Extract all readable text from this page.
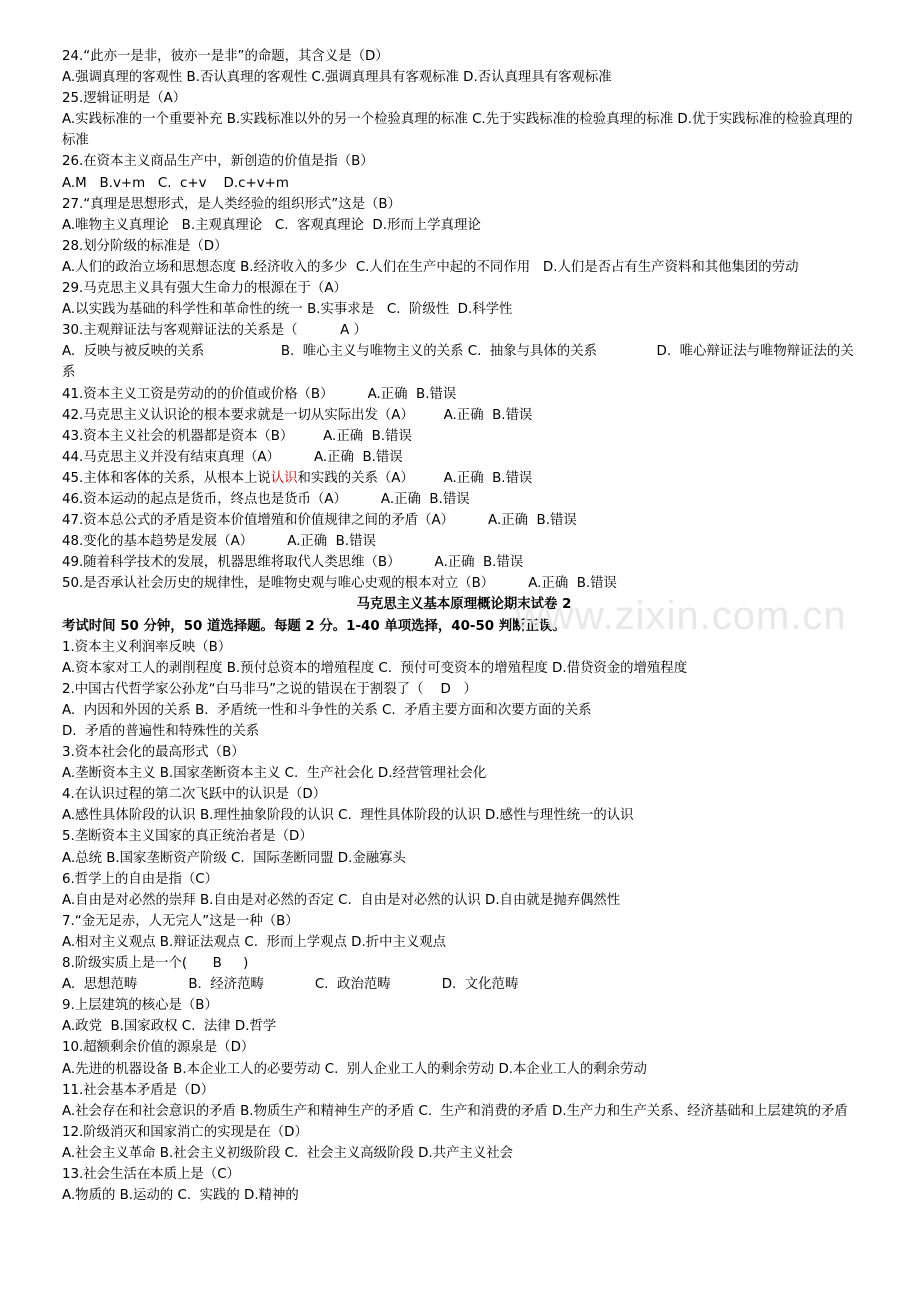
www.zixin.com.cn
24.“此亦一是非，彼亦一是非”的命题，其含义是（D）
A.强调真理的客观性 B.否认真理的客观性 C.强调真理具有客观标准 D.否认真理具有客观标准
25.逻辑证明是（A）
A.实践标准的一个重要补充 B.实践标准以外的另一个检验真理的标准 C.先于实践标准的检验真理的标准 D.优于实践标准的检验真理的标准
26.在资本主义商品生产中，新创造的价值是指（B）
A.M   B.v+m   C.  c+v    D.c+v+m
27.“真理是思想形式，是人类经验的组织形式”这是（B）
A.唯物主义真理论   B.主观真理论   C.  客观真理论  D.形而上学真理论
28.划分阶级的标准是（D）
A.人们的政治立场和思想态度 B.经济收入的多少  C.人们在生产中起的不同作用   D.人们是否占有生产资料和其他集团的劳动
29.马克思主义具有强大生命力的根源在于（A）
A.以实践为基础的科学性和革命性的统一 B.实事求是   C.  阶级性  D.科学性
30.主观辩证法与客观辩证法的关系是（          A ）
A.  反映与被反映的关系                  B.  唯心主义与唯物主义的关系 C.  抽象与具体的关系              D.  唯心辩证法与唯物辩证法的关系
41.资本主义工资是劳动的的价值或价格（B）        A.正确  B.错误
42.马克思主义认识论的根本要求就是一切从实际出发（A）       A.正确  B.错误
43.资本主义社会的机器都是资本（B）       A.正确  B.错误
44.马克思主义并没有结束真理（A）        A.正确  B.错误
45.主体和客体的关系，从根本上说认识和实践的关系（A）       A.正确  B.错误
46.资本运动的起点是货币，终点也是货币（A）        A.正确  B.错误
47.资本总公式的矛盾是资本价值增殖和价值规律之间的矛盾（A）        A.正确  B.错误
48.变化的基本趋势是发展（A）        A.正确  B.错误
49.随着科学技术的发展，机器思维将取代人类思维（B）        A.正确  B.错误
50.是否承认社会历史的规律性，是唯物史观与唯心史观的根本对立（B）        A.正确  B.错误
马克思主义基本原理概论期末试卷 2
考试时间 50 分钟，50 道选择题。每题 2 分。1-40 单项选择，40-50 判断正误。
1.资本主义利润率反映（B）
A.资本家对工人的剥削程度 B.预付总资本的增殖程度 C.  预付可变资本的增殖程度 D.借贷资金的增殖程度
2.中国古代哲学家公孙龙“白马非马”之说的错误在于割裂了（    D   ）
A.  内因和外因的关系 B.  矛盾统一性和斗争性的关系 C.  矛盾主要方面和次要方面的关系
D.  矛盾的普遍性和特殊性的关系
3.资本社会化的最高形式（B）
A.垄断资本主义 B.国家垄断资本主义 C.  生产社会化 D.经营管理社会化
4.在认识过程的第二次飞跃中的认识是（D）
A.感性具体阶段的认识 B.理性抽象阶段的认识 C.  理性具体阶段的认识 D.感性与理性统一的认识
5.垄断资本主义国家的真正统治者是（D）
A.总统 B.国家垄断资产阶级 C.  国际垄断同盟 D.金融寡头
6.哲学上的自由是指（C）
A.自由是对必然的崇拜 B.自由是对必然的否定 C.  自由是对必然的认识 D.自由就是抛弃偶然性
7.“金无足赤，人无完人”这是一种（B）
A.相对主义观点 B.辩证法观点 C.  形而上学观点 D.折中主义观点
8.阶级实质上是一个(      B     )
A.  思想范畴            B.  经济范畴            C.  政治范畴            D.  文化范畴
9.上层建筑的核心是（B）
A.政党  B.国家政权 C.  法律 D.哲学
10.超额剩余价值的源泉是（D）
A.先进的机器设备 B.本企业工人的必要劳动 C.  别人企业工人的剩余劳动 D.本企业工人的剩余劳动
11.社会基本矛盾是（D）
A.社会存在和社会意识的矛盾 B.物质生产和精神生产的矛盾 C.  生产和消费的矛盾 D.生产力和生产关系、经济基础和上层建筑的矛盾
12.阶级消灭和国家消亡的实现是在（D）
A.社会主义革命 B.社会主义初级阶段 C.  社会主义高级阶段 D.共产主义社会
13.社会生活在本质上是（C）
A.物质的 B.运动的 C.  实践的 D.精神的
